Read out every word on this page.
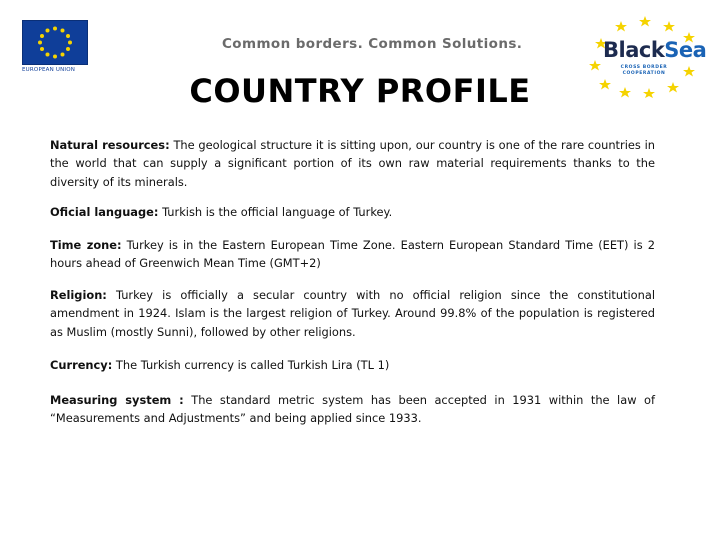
EUROPEAN UNION
Common borders. Common Solutions.	BlackSea
CROSS BORDER COOPERATION
COUNTRY PROFILE

Natural resources: The geological structure it is sitting upon, our country is one of the rare countries in the world that can supply a significant portion of its own raw material requirements thanks to the diversity of its minerals.

Oficial language: Turkish is the official language of Turkey.

Time zone: Turkey is in the Eastern European Time Zone. Eastern European Standard Time (EET) is 2 hours ahead of Greenwich Mean Time (GMT+2)

Religion: Turkey is officially a secular country with no official religion since the constitutional amendment in 1924. Islam is the largest religion of Turkey. Around 99.8% of the population is registered as Muslim (mostly Sunni), followed by other religions.

Currency: The Turkish currency is called Turkish Lira (TL 1)

Measuring system : The standard metric system has been accepted in 1931 within the law of “Measurements and Adjustments” and being applied since 1933.
